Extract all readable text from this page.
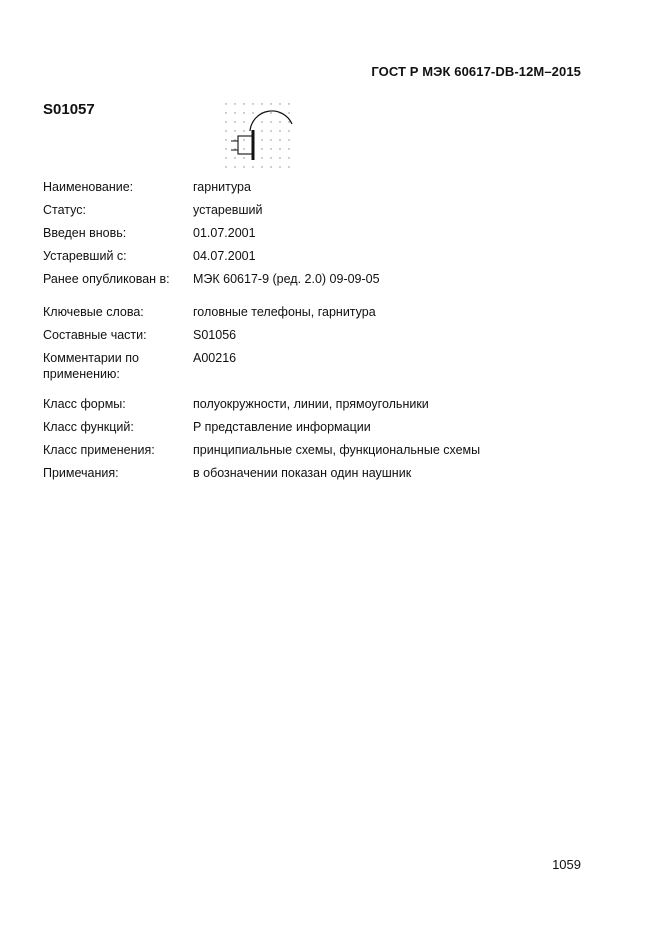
ГОСТ Р МЭК 60617-DB-12M–2015
S01057
Наименование:	гарнитура
Статус:	устаревший
Введен вновь:	01.07.2001
Устаревший с:	04.07.2001
Ранее опубликован в:	МЭК 60617-9 (ред. 2.0) 09-09-05
Ключевые слова:	головные телефоны, гарнитура
Составные части:	S01056
Комментарии по применению:
A00216
Класс формы:	полуокружности, линии, прямоугольники
Класс функций:	P представление информации
Класс применения:	принципиальные схемы, функциональные схемы
Примечания:	в обозначении показан один наушник
1059
